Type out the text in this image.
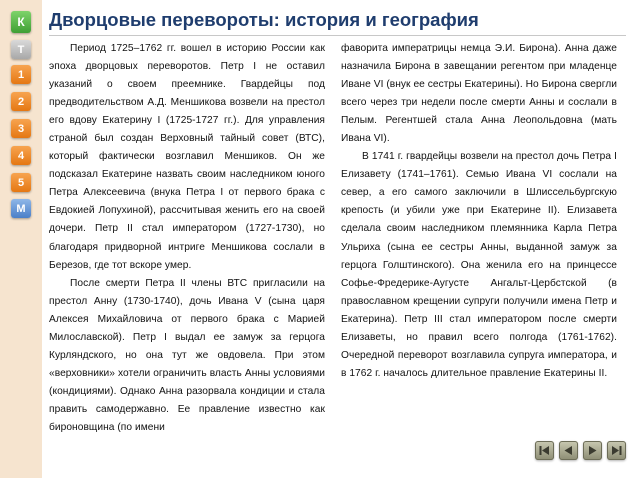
К
Т
1
2
3
4
5
М
Дворцовые перевороты: история и география

Период 1725–1762 гг. вошел в историю России как эпоха дворцовых переворотов. Петр I не оставил указаний о своем преемнике. Гвардейцы под предводительством А.Д. Меншикова возвели на престол его вдову Екатерину I (1725-1727 гг.). Для управления страной был создан Верховный тайный совет (ВТС), который фактически возглавил Меншиков. Он же подсказал Екатерине назвать своим наследником юного Петра Алексеевича (внука Петра I от первого брака с Евдокией Лопухиной), рассчитывая женить его на своей дочери. Петр II стал императором (1727-1730), но благодаря придворной интриге Меншикова сослали в Березов, где тот вскоре умер.

После смерти Петра II члены ВТС пригласили на престол Анну (1730-1740), дочь Ивана V (сына царя Алексея Михайловича от первого брака с Марией Милославской). Петр I выдал ее замуж за герцога Курляндского, но она тут же овдовела. При этом «верховники» хотели ограничить власть Анны условиями (кондициями). Однако Анна разорвала кондиции и стала править самодержавно. Ее правление известно как бироновщина (по имени

фаворита императрицы немца Э.И. Бирона). Анна даже назначила Бирона в завещании регентом при младенце Иване VI (внук ее сестры Екатерины). Но Бирона свергли всего через три недели после смерти Анны и сослали в Пелым. Регентшей стала Анна Леопольдовна (мать Ивана VI).

В 1741 г. гвардейцы возвели на престол дочь Петра I Елизавету (1741–1761). Семью Ивана VI сослали на север, а его самого заключили в Шлиссельбургскую крепость (и убили уже при Екатерине II). Елизавета сделала своим наследником племянника Карла Петра Ульриха (сына ее сестры Анны, выданной замуж за герцога Голштинского). Она женила его на принцессе Софье-Фредерике-Аугусте Ангальт-Цербстской (в православном крещении супруги получили имена Петр и Екатерина). Петр III стал императором после смерти Елизаветы, но правил всего полгода (1761-1762). Очередной переворот возглавила супруга императора, и в 1762 г. началось длительное правление Екатерины II.
